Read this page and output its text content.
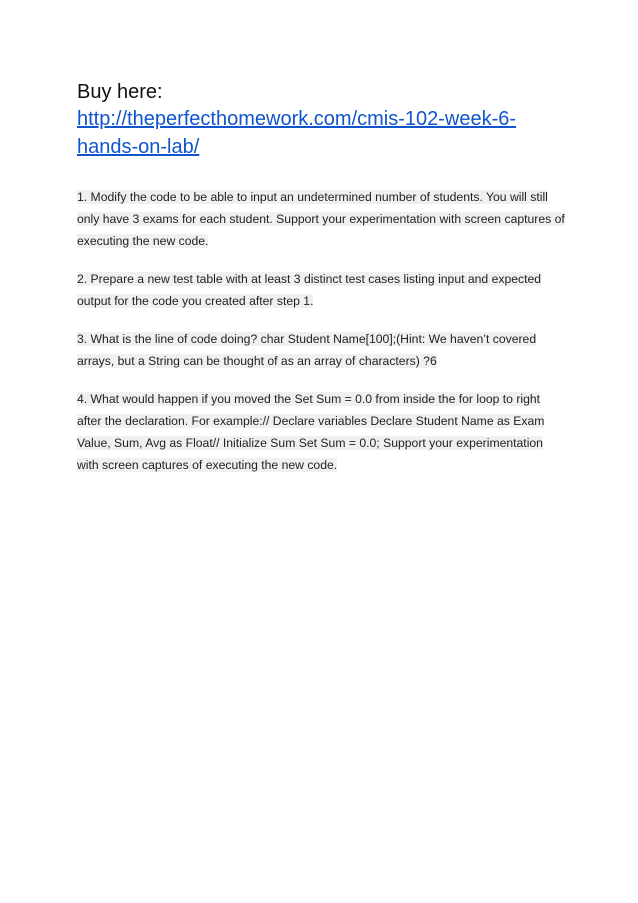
Buy here:

http://theperfecthomework.com/cmis-102-week-6-hands-on-lab/

1. Modify the code to be able to input an undetermined number of students. You will still only have 3 exams for each student. Support your experimentation with screen captures of executing the new code.

2. Prepare a new test table with at least 3 distinct test cases listing input and expected output for the code you created after step 1.

3. What is the line of code doing? char Student Name[100];(Hint: We haven’t covered arrays, but a String can be thought of as an array of characters) ?6

4. What would happen if you moved the Set Sum = 0.0 from inside the for loop to right after the declaration. For example:// Declare variables Declare Student Name as Exam Value, Sum, Avg as Float// Initialize Sum Set Sum = 0.0; Support your experimentation with screen captures of executing the new code.
